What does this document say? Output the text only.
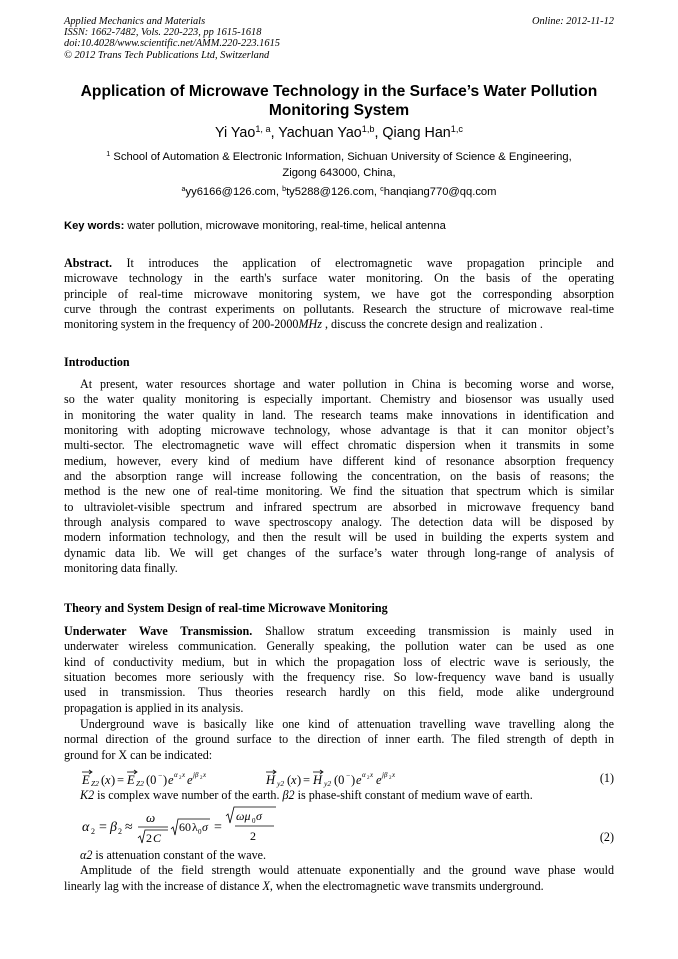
Applied Mechanics and Materials
ISSN: 1662-7482, Vols. 220-223, pp 1615-1618
doi:10.4028/www.scientific.net/AMM.220-223.1615
© 2012 Trans Tech Publications Ltd, Switzerland
Online: 2012-11-12
Application of Microwave Technology in the Surface’s Water Pollution
Monitoring System
Yi Yao$^{1, a}$, Yachuan Yao$^{1,b}$, Qiang Han$^{1,c}$
$^1$ School of Automation & Electronic Information, Sichuan University of Science & Engineering,
Zigong 643000, China,
$^a$yy6166@126.com, $^b$ty5288@126.com, $^c$hanqiang770@qq.com
Key words: water pollution, microwave monitoring, real-time, helical antenna
Abstract. It introduces the application of electromagnetic wave propagation principle and
microwave technology in the earth's surface water monitoring. On the basis of the operating
principle of real-time microwave monitoring system, we have got the corresponding absorption
curve through the contrast experiments on pollutants. Research the structure of microwave real-time
monitoring system in the frequency of 200-2000MHz , discuss the concrete design and realization .
Introduction
At present, water resources shortage and water pollution in China is becoming worse and worse,
so the water quality monitoring is especially important. Chemistry and biosensor was usually used
in monitoring the water quality in land. The research teams make innovations in identification and
monitoring with adopting microwave technology, whose advantage is that it can monitor object’s
multi-sector. The electromagnetic wave will effect chromatic dispersion when it transmits in some
medium, however, every kind of medium have different kind of resonance absorption frequency
and the absorption range will increase following the concentration, on the basis of reasons; the
method is the new one of real-time monitoring. We find the situation that spectrum which is similar
to ultraviolet-visible spectrum and infrared spectrum are absorbed in microwave frequency band
through analysis compared to wave spectroscopy analogy. The detection data will be disposed by
modern information technology, and then the result will be used in building the experts system and
dynamic data lib. We will get changes of the surface’s water through long-range of analysis of
monitoring data finally.
Theory and System Design of real-time Microwave Monitoring
Underwater Wave Transmission. Shallow stratum exceeding transmission is mainly used in
underwater wireless communication. Generally speaking, the pollution water can be used as one
kind of conductivity medium, but in which the propagation loss of electric wave is seriously, the
situation becomes more seriously with the frequency rise. So low-frequency wave band is usually
used in transmission. Thus theories research hardly on this field, mode alike underground
propagation is applied in its analysis.
Underground wave is basically like one kind of attenuation travelling wave travelling along the
normal direction of the ground surface to the direction of inner earth. The filed strength of depth in
ground for X can be indicated:
E Z2 ( x ) = E Z2 (0 − ) e α 2 x e jβ 2 x	H y2 ( x ) = H y2 (0 − ) e α 2 x e jβ 2 x	(1)
K2 is complex wave number of the earth. β2 is phase-shift constant of medium wave of earth.
α 2 = β 2 ≈
ω
2 C
60 λ 0 σ =
ωμ 0 σ
2	(2)
α2 is attenuation constant of the wave.
Amplitude of the field strength would attenuate exponentially and the ground wave phase would
linearly lag with the increase of distance X, when the electromagnetic wave transmits underground.
